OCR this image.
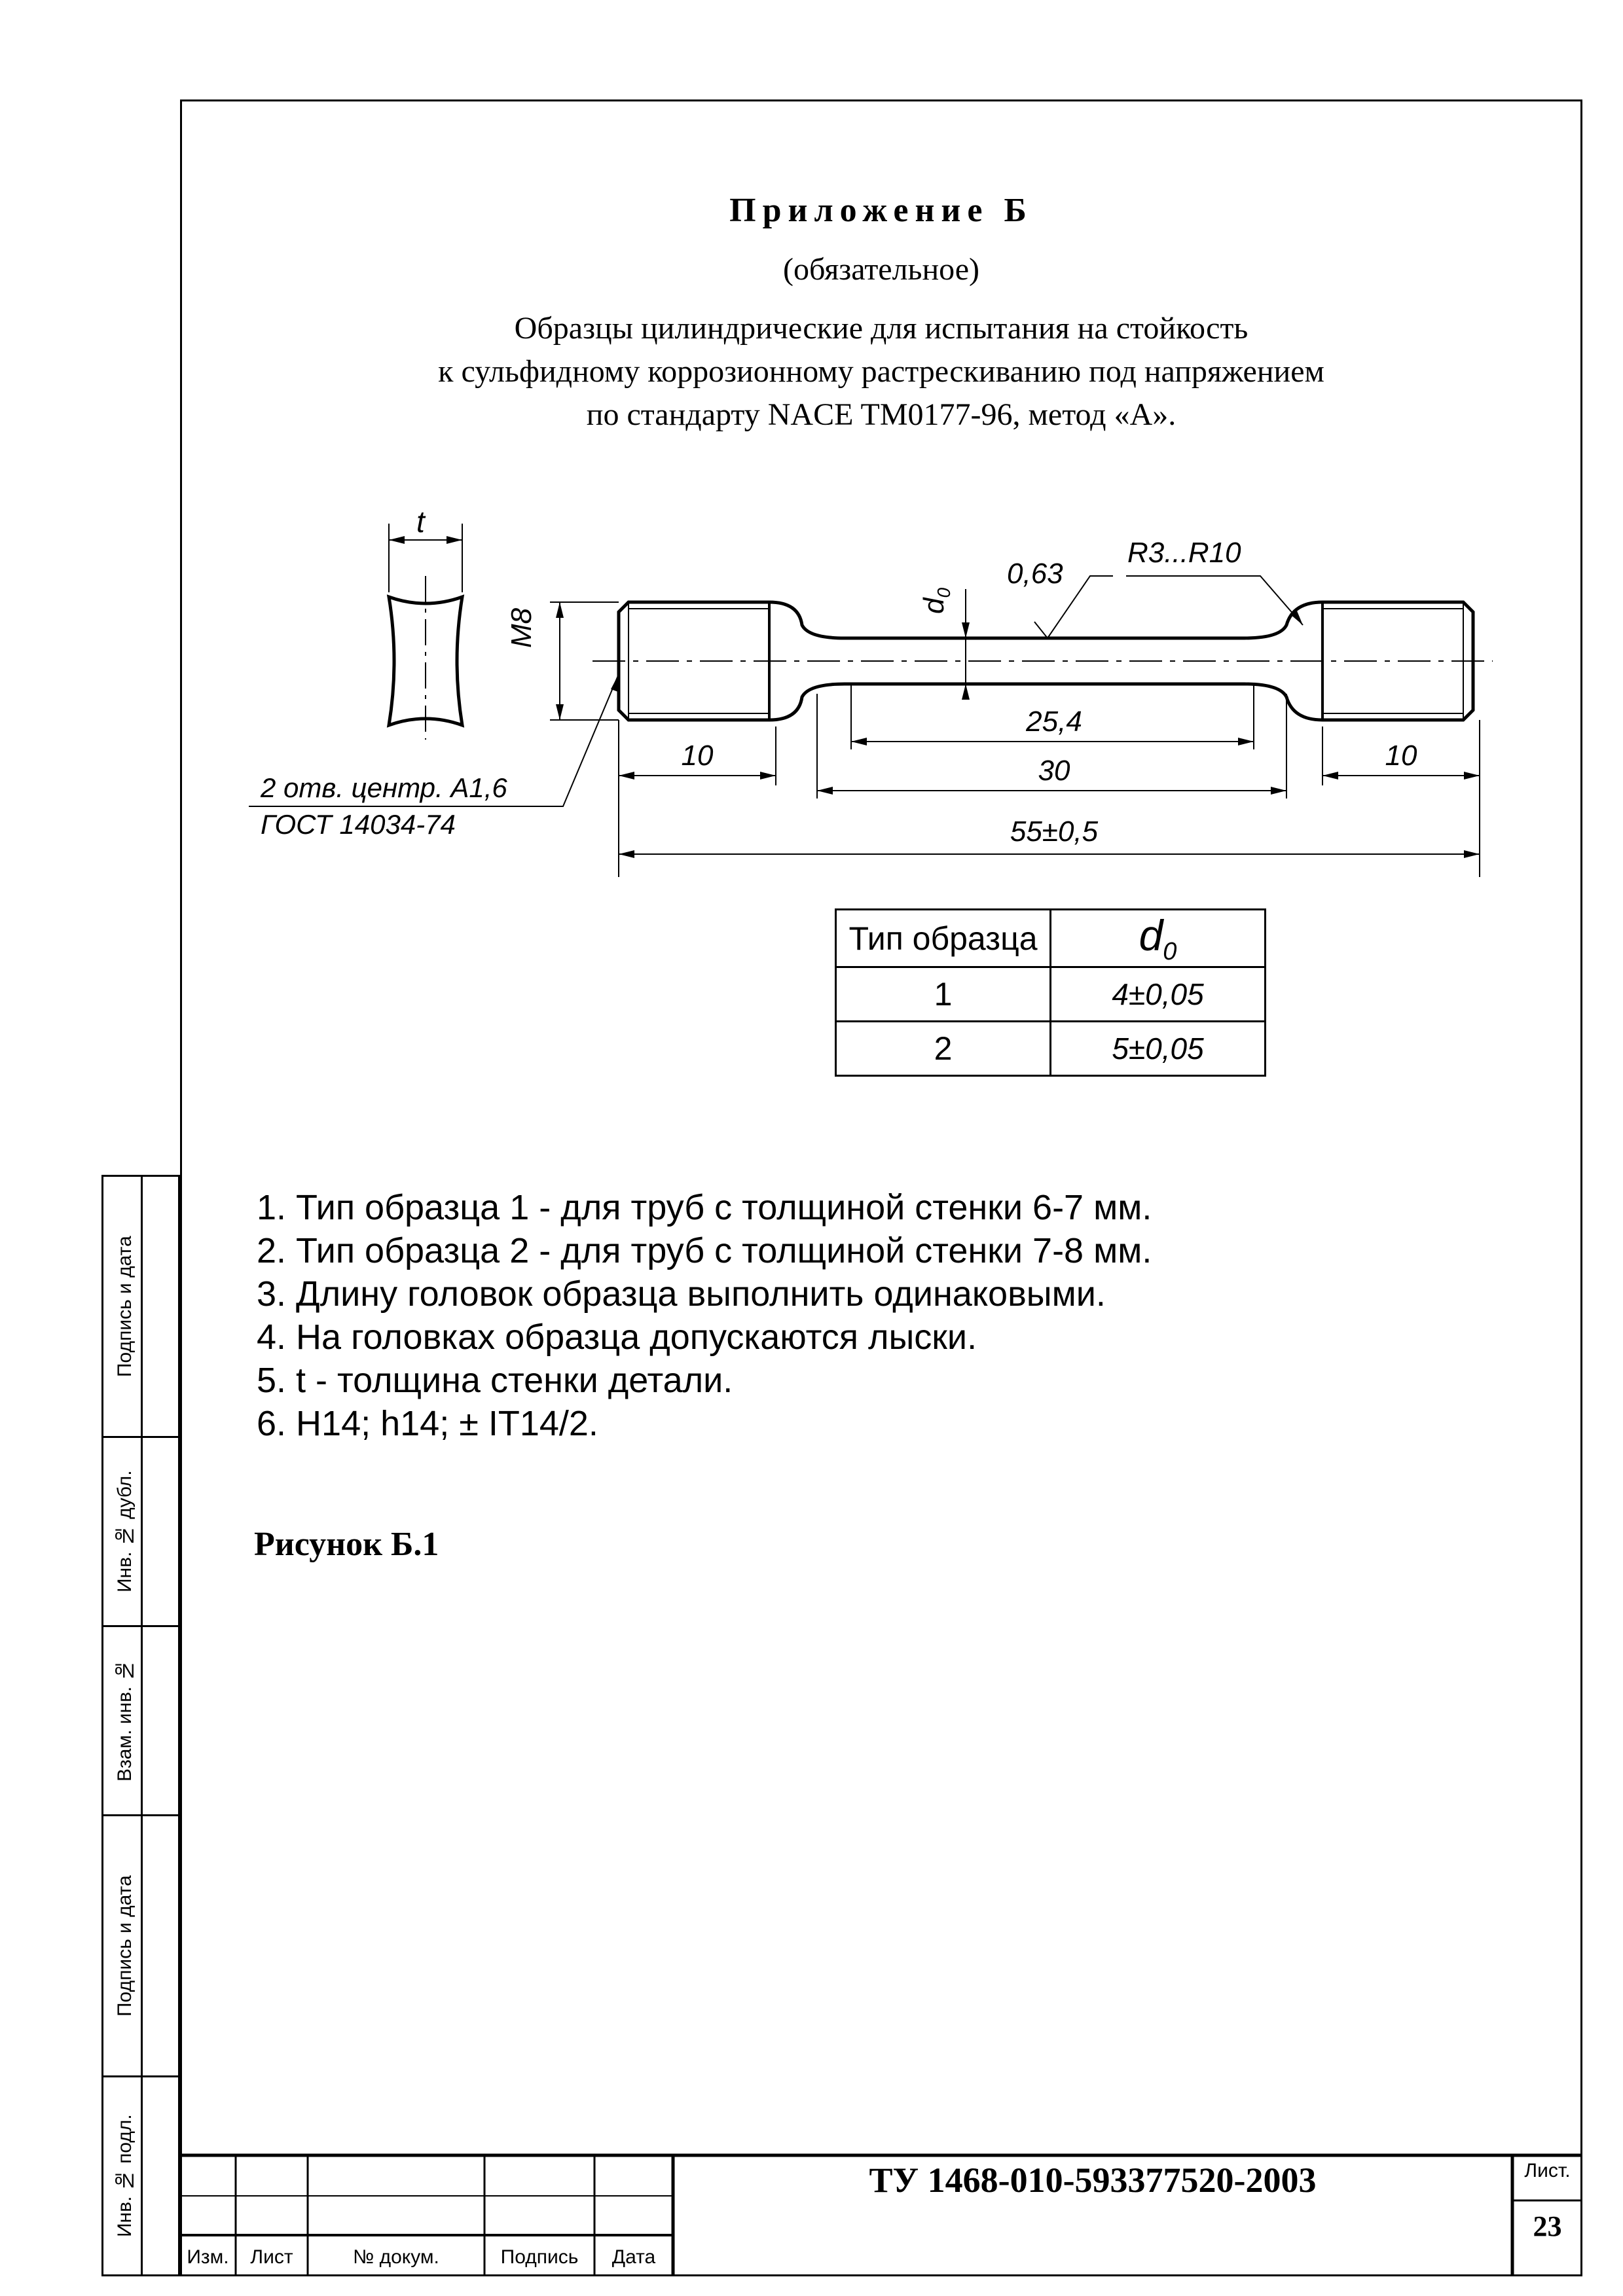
Приложение Б
(обязательное)
Образцы цилиндрические для испытания на стойкость
к сульфидному коррозионному растрескиванию под напряжением
по стандарту NACE TM0177-96, метод «А».
t
M8
$d_0$
0,63
R3...R10
25,4
30
10	10
55±0,5
2 отв. центр. А1,6
ГОСТ 14034-74
Тип образца	$d_0$
1	4±0,05
2	5±0,05
1. Тип образца 1 - для труб с толщиной стенки 6-7 мм.
2. Тип образца 2 - для труб с толщиной стенки 7-8 мм.
3. Длину головок образца выполнить одинаковыми.
4. На головках образца допускаются лыски.
5. t - толщина стенки детали.
6. H14; h14; ± IT14/2.
Рисунок Б.1
Подпись и дата
Инв. № дубл.
Взам. инв. №
Подпись и дата
Инв. № подл.	ТУ 1468-010-593377520-2003	Лист.
23
Изм.	Лист	№ докум.	Подпись	Дата
